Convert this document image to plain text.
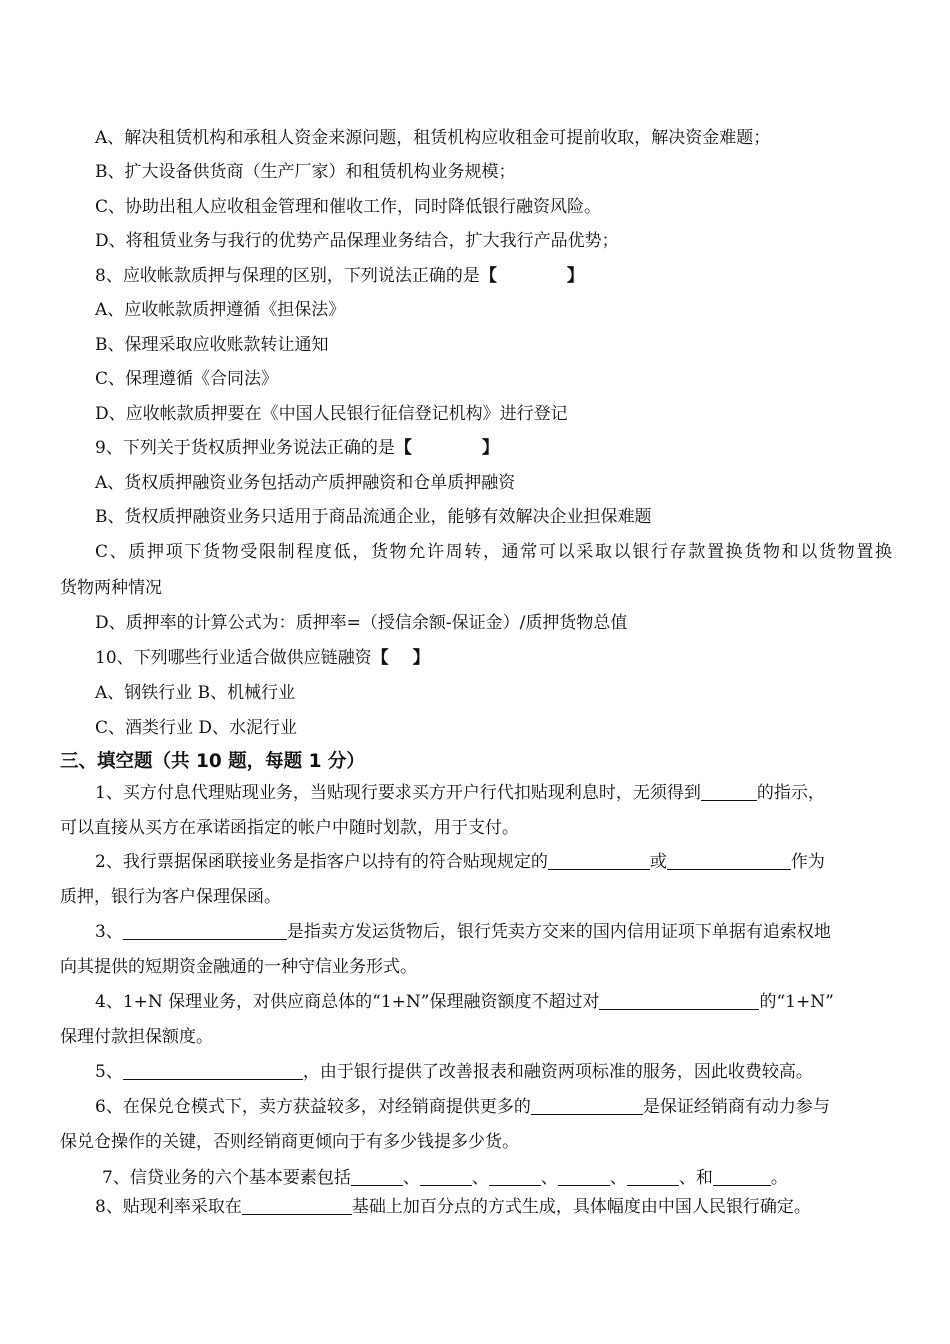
A、解决租赁机构和承租人资金来源问题，租赁机构应收租金可提前收取，解决资金难题；
B、扩大设备供货商（生产厂家）和租赁机构业务规模；
C、协助出租人应收租金管理和催收工作，同时降低银行融资风险。
D、将租赁业务与我行的优势产品保理业务结合，扩大我行产品优势；
8、应收帐款质押与保理的区别，下列说法正确的是【	】
A、应收帐款质押遵循《担保法》
B、保理采取应收账款转让通知
C、保理遵循《合同法》
D、应收帐款质押要在《中国人民银行征信登记机构》进行登记
9、下列关于货权质押业务说法正确的是【	】
A、货权质押融资业务包括动产质押融资和仓单质押融资
B、货权质押融资业务只适用于商品流通企业，能够有效解决企业担保难题
C、质押项下货物受限制程度低，货物允许周转，通常可以采取以银行存款置换货物和以货物置换
货物两种情况
D、质押率的计算公式为：质押率=（授信余额-保证金）/质押货物总值
10、下列哪些行业适合做供应链融资【 】
A、钢铁行业 B、机械行业
C、酒类行业 D、水泥行业
三、填空题（共 10 题，每题 1 分）
1、买方付息代理贴现业务，当贴现行要求买方开户行代扣贴现利息时，无须得到	的指示，
可以直接从买方在承诺函指定的帐户中随时划款，用于支付。
2、我行票据保函联接业务是指客户以持有的符合贴现规定的	或	作为
质押，银行为客户保理保函。
3、	是指卖方发运货物后，银行凭卖方交来的国内信用证项下单据有追索权地
向其提供的短期资金融通的一种守信业务形式。
4、1+N 保理业务，对供应商总体的“1+N”保理融资额度不超过对	的“1+N”
保理付款担保额度。
5、	，由于银行提供了改善报表和融资两项标准的服务，因此收费较高。
6、在保兑仓模式下，卖方获益较多，对经销商提供更多的	是保证经销商有动力参与
保兑仓操作的关键，否则经销商更倾向于有多少钱提多少货。
7、信贷业务的六个基本要素包括	、	、	、	、	、和	。
8、贴现利率采取在	基础上加百分点的方式生成，具体幅度由中国人民银行确定。
